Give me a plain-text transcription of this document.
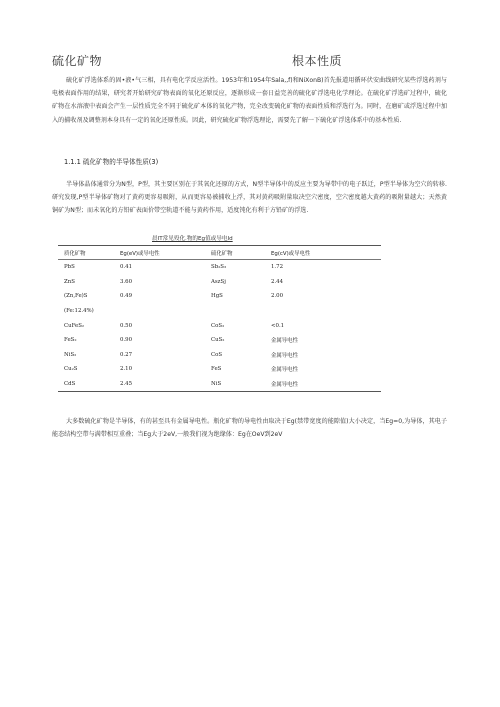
硫化矿物	根本性质

硫化矿浮选体系的固•液•气三相，具有电化学反应活性。1953年和1954年Sala,,f)和NiXonB)首先报道用循环伏安曲线研究某些浮选药剂与电极表面作用的结果，研究者开始研究矿物表面的氧化还原反应，逐渐形成一套日益完善的硫化矿浮选电化学理论。在硫化矿浮选矿过程中，硫化矿物在水溶液中表面会产生一层性质完全不同于硫化矿本体的氧化产物，完全改变硫化矿物的表面性质和浮选行为。同时，在磨矿或浮选过程中加入的捕收剂及调整剂本身具有一定的氧化还原性质。因此，研究硫化矿物浮选理论，需要先了解一下硫化矿浮选体系中的基本性质.

1.1.1 硫化矿物的半导体性质(3)

半导体晶体通常分为N型，P型，其主要区别在于其氧化还原的方式，N型半导体中的反应主要为导带中的电子跃迁，P型半导体为空穴的转移.研究发现,P型半导体矿物对了黄药更容易吸附，从而更容易被捕收上浮，其对黄药吸附量取决空穴密度，空穴密度越大黄药的吸附量越大；天然黄铜矿为N型；而未氧化的方铅矿表面价带空轨道不能与黄药作用，适度钝化有利于方铅矿的浮选.

晨IT常见殁化.物的Eg值或导电Id
质化矿物	Eg(eV)或导电性	硫化矿物	Eg(cV)或导电性
PbS	0.41	Sb₂S₃	1.72
ZnS	3.60	AszSj	2.44
(Zn,Fe)S	0.49	HgS	2.00
(Fe:12.4%)
CuFeS₂	0.50	CoS₂	<0.1
FeS₂	0.90	CuS₂	金属导电性
NiS₂	0.27	CoS	金属导电性
Cu₂S	2.10	FeS	金属导电性
CdS	2.45	NiS	金属导电性

大多数硫化矿物是半导体，有的甚至具有金属导电性。瓶化矿物的导电性由取决于Eg(禁带宽度的能隙值)大小决定，当Eg=0,为导体，其电子能态结构空带与满带相互重叠；当Eg大于2eV,一般我们视为绝缘体：Eg在OeV到2eV
